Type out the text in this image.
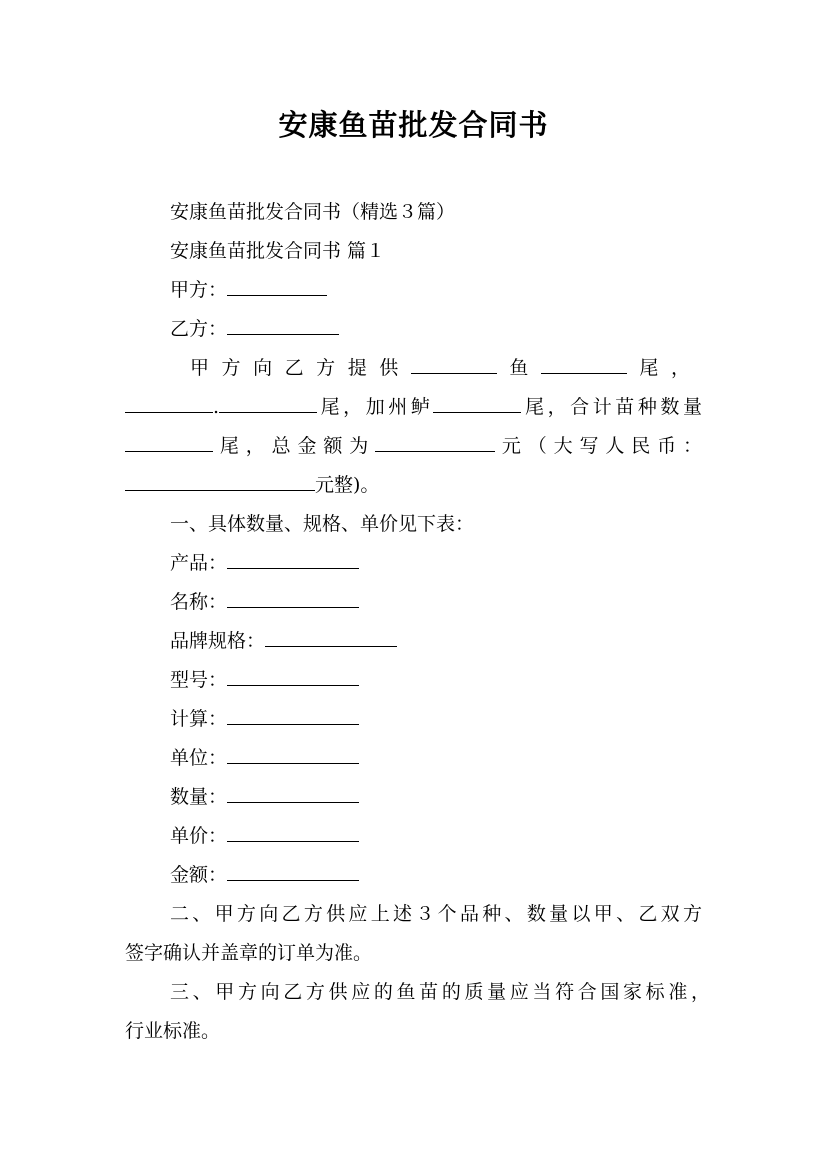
安康鱼苗批发合同书
安康鱼苗批发合同书（精选３篇）
安康鱼苗批发合同书 篇１
甲方：
乙方：
甲方向乙方提供	鱼	尾，
.	尾，加州鲈	尾，合计苗种数量
尾，总金额为	元（大写人民币：
元整)。
一、具体数量、规格、单价见下表：
产品：
名称：
品牌规格：
型号：
计算：
单位：
数量：
单价：
金额：
二、甲方向乙方供应上述３个品种、数量以甲、乙双方
签字确认并盖章的订单为准。
三、甲方向乙方供应的鱼苗的质量应当符合国家标准，
行业标准。
